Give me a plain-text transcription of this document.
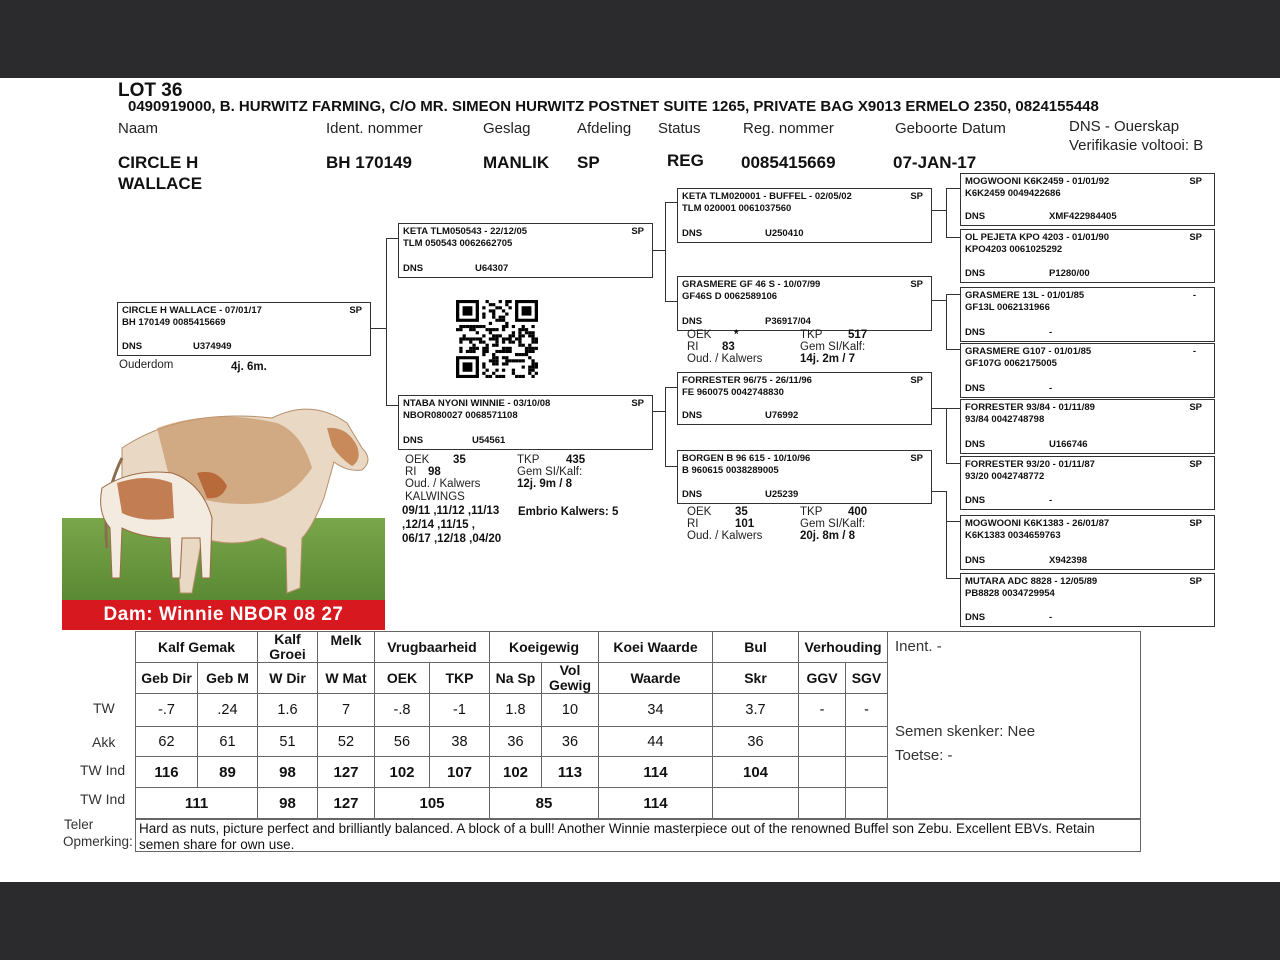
LOT 36
0490919000, B. HURWITZ FARMING, C/O MR. SIMEON HURWITZ POSTNET SUITE 1265, PRIVATE BAG X9013 ERMELO 2350, 0824155448
Naam	Ident. nommer	Geslag	Afdeling Status	Reg. nommer	Geboorte Datum	DNS - Ouerskap
Verifikasie voltooi: B
CIRCLE H
WALLACE
BH 170149	MANLIK SP	REG 0085415669	07-JAN-17
CIRCLE H WALLACE - 07/01/17	SP
BH 170149 0085415669
DNS	U374949
Ouderdom	4j. 6m.
KETA TLM050543 - 22/12/05	SP
TLM 050543 0062662705
DNS	U64307
NTABA NYONI WINNIE - 03/10/08	SP
NBOR080027 0068571108
DNS	U54561
OEK 35	TKP 435
RI 98	Gem SI/Kalf:
Oud. / Kalwers	12j. 9m / 8
KALWINGS
09/11 ,11/12 ,11/13
,12/14 ,11/15 ,
06/17 ,12/18 ,04/20
Embrio Kalwers: 5
KETA TLM020001 - BUFFEL - 02/05/02	SP
TLM 020001 0061037560
DNS	U250410
GRASMERE GF 46 S - 10/07/99	SP
GF46S D 0062589106
DNS	P36917/04
OEK *	TKP 517
RI 83	Gem SI/Kalf:
Oud. / Kalwers	14j. 2m / 7
FORRESTER 96/75 - 26/11/96	SP
FE 960075 0042748830
DNS	U76992
BORGEN B 96 615 - 10/10/96	SP
B 960615 0038289005
DNS	U25239
OEK 35	TKP 400
RI	101	Gem SI/Kalf:
Oud. / Kalwers	20j. 8m / 8
MOGWOONI K6K2459 - 01/01/92	SP
K6K2459 0049422686
DNS	XMF422984405
OL PEJETA KPO 4203 - 01/01/90	SP
KPO4203 0061025292
DNS	P1280/00
GRASMERE 13L - 01/01/85	-
GF13L 0062131966
DNS	-
GRASMERE G107 - 01/01/85	-
GF107G 0062175005
DNS	-
FORRESTER 93/84 - 01/11/89	SP
93/84 0042748798
DNS	U166746
FORRESTER 93/20 - 01/11/87	SP
93/20 0042748772
DNS	-
MOGWOONI K6K1383 - 26/01/87	SP
K6K1383 0034659763
DNS	X942398
MUTARA ADC 8828 - 12/05/89	SP
PB8828 0034729954
DNS	-
Dam: Winnie NBOR 08 27
TW
Akk
TW Ind
TW Ind
Kalf Gemak		Kalf Groei	Melk	Vrugbaarheid		Koeigewig		Koei Waarde	Bul	Verhouding	
Geb Dir	Geb M	W Dir	W Mat	OEK	TKP	Na Sp	Vol Gewig	Waarde	Skr	GGV	SGV
-.7	.24	1.6	7	-.8	-1	1.8	10	34	3.7	-	-
62	61	51	52	56	38	36	36	44	36		
116	89	98	127	102	107	102	113	114	104		
111		98	127	105		85		114			
Inent. -
Semen skenker: Nee
Toetse: -
Teler
Opmerking:
Hard as nuts, picture perfect and brilliantly balanced. A block of a bull! Another Winnie masterpiece out of the renowned Buffel son Zebu. Excellent EBVs. Retain semen share for own use.
